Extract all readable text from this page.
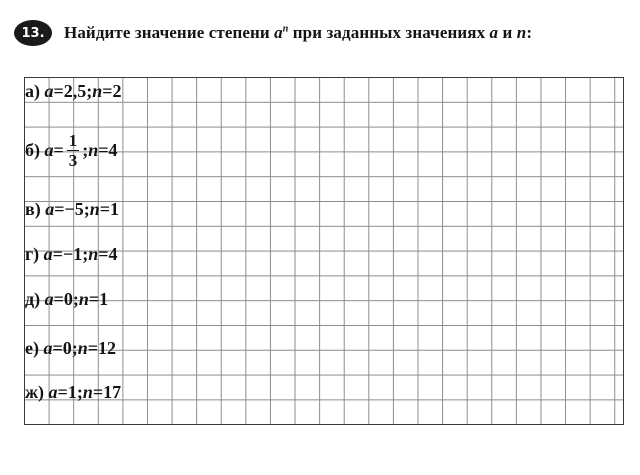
13.	Найдите значение степени $a^n$ при заданных значениях a и n:
а)
a = 2,5 ; n = 2
б)
$a = \frac{1}{3}$ ; n = 4
в)
a = −5 ; n = 1
г)
a = −1 ; n = 4
д)
a = 0 ; n = 1
е)
a = 0 ; n = 12
ж)
a = 1 ; n = 17
